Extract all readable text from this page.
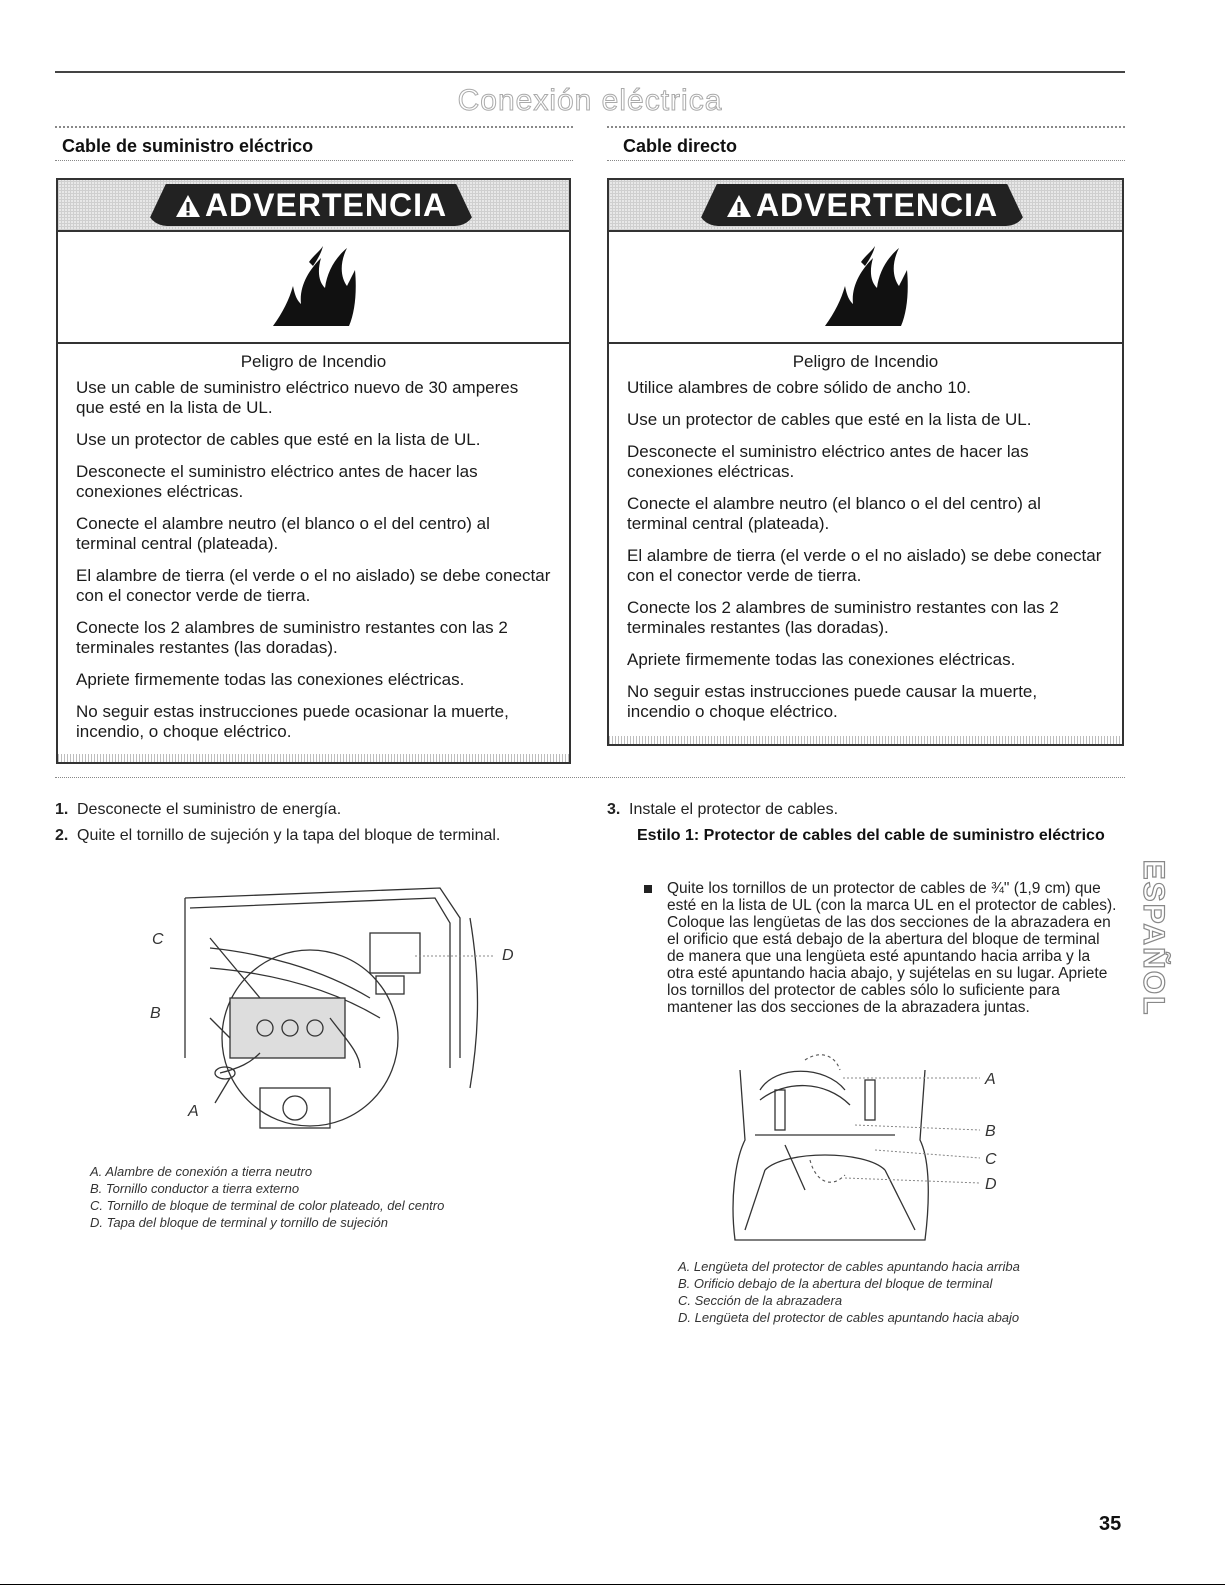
Conexión eléctrica
Cable de suministro eléctrico	Cable directo
ADVERTENCIA
Peligro de Incendio

Use un cable de suministro eléctrico nuevo de 30 amperes que esté en la lista de UL.

Use un protector de cables que esté en la lista de UL.

Desconecte el suministro eléctrico antes de hacer las conexiones eléctricas.

Conecte el alambre neutro (el blanco o el del centro) al terminal central (plateada).

El alambre de tierra (el verde o el no aislado) se debe conectar con el conector verde de tierra.

Conecte los 2 alambres de suministro restantes con las 2 terminales restantes (las doradas).

Apriete firmemente todas las conexiones eléctricas.

No seguir estas instrucciones puede ocasionar la muerte, incendio, o choque eléctrico.

ADVERTENCIA
Peligro de Incendio

Utilice alambres de cobre sólido de ancho 10.

Use un protector de cables que esté en la lista de UL.

Desconecte el suministro eléctrico antes de hacer las conexiones eléctricas.

Conecte el alambre neutro (el blanco o el del centro) al terminal central (plateada).

El alambre de tierra (el verde o el no aislado) se debe conectar con el conector verde de tierra.

Conecte los 2 alambres de suministro restantes con las 2 terminales restantes (las doradas).

Apriete firmemente todas las conexiones eléctricas.

No seguir estas instrucciones puede causar la muerte, incendio o choque eléctrico.

1. Desconecte el suministro de energía.
2. Quite el tornillo de sujeción y la tapa del bloque de terminal.
C
B
A
D
A. Alambre de conexión a tierra neutro
B. Tornillo conductor a tierra externo
C. Tornillo de bloque de terminal de color plateado, del centro
D. Tapa del bloque de terminal y tornillo de sujeción
3. Instale el protector de cables.
Estilo 1: Protector de cables del cable de suministro eléctrico
Quite los tornillos de un protector de cables de ¾" (1,9 cm) que esté en la lista de UL (con la marca UL en el protector de cables). Coloque las lengüetas de las dos secciones de la abrazadera en el orificio que está debajo de la abertura del bloque de terminal de manera que una lengüeta esté apuntando hacia arriba y la otra esté apuntando hacia abajo, y sujételas en su lugar. Apriete los tornillos del protector de cables sólo lo suficiente para mantener las dos secciones de la abrazadera juntas.
A
B
C
D
A. Lengüeta del protector de cables apuntando hacia arriba
B. Orificio debajo de la abertura del bloque de terminal
C. Sección de la abrazadera
D. Lengüeta del protector de cables apuntando hacia abajo
ESPAÑOL
35
